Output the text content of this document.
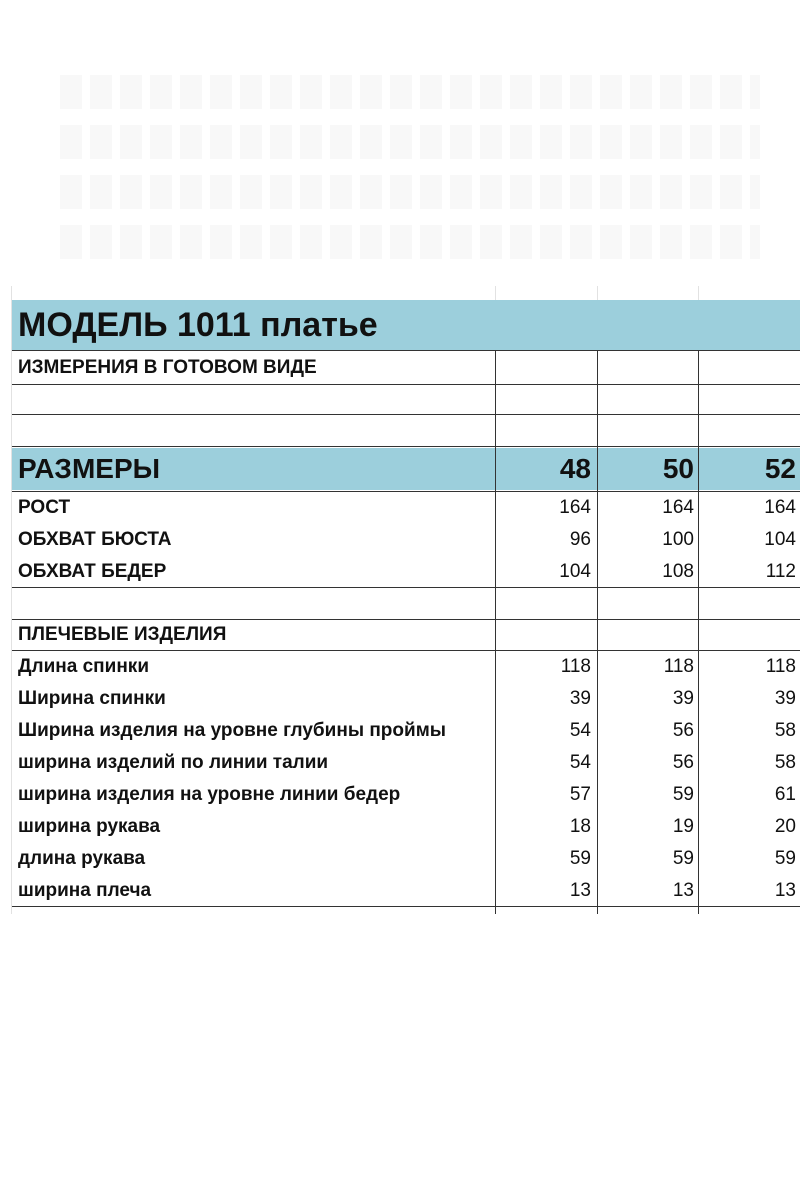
МОДЕЛЬ 1011 платье
ИЗМЕРЕНИЯ В ГОТОВОМ ВИДЕ
РАЗМЕРЫ	48	50	52
РОСТ	164	164	164
ОБХВАТ БЮСТА	96	100	104
ОБХВАТ БЕДЕР	104	108	112
ПЛЕЧЕВЫЕ ИЗДЕЛИЯ
Длина спинки	118	118	118
Ширина спинки	39	39	39
Ширина изделия на уровне глубины проймы	54	56	58
ширина изделий по линии талии	54	56	58
ширина изделия на уровне линии бедер	57	59	61
ширина рукава	18	19	20
длина рукава	59	59	59
ширина плеча	13	13	13
